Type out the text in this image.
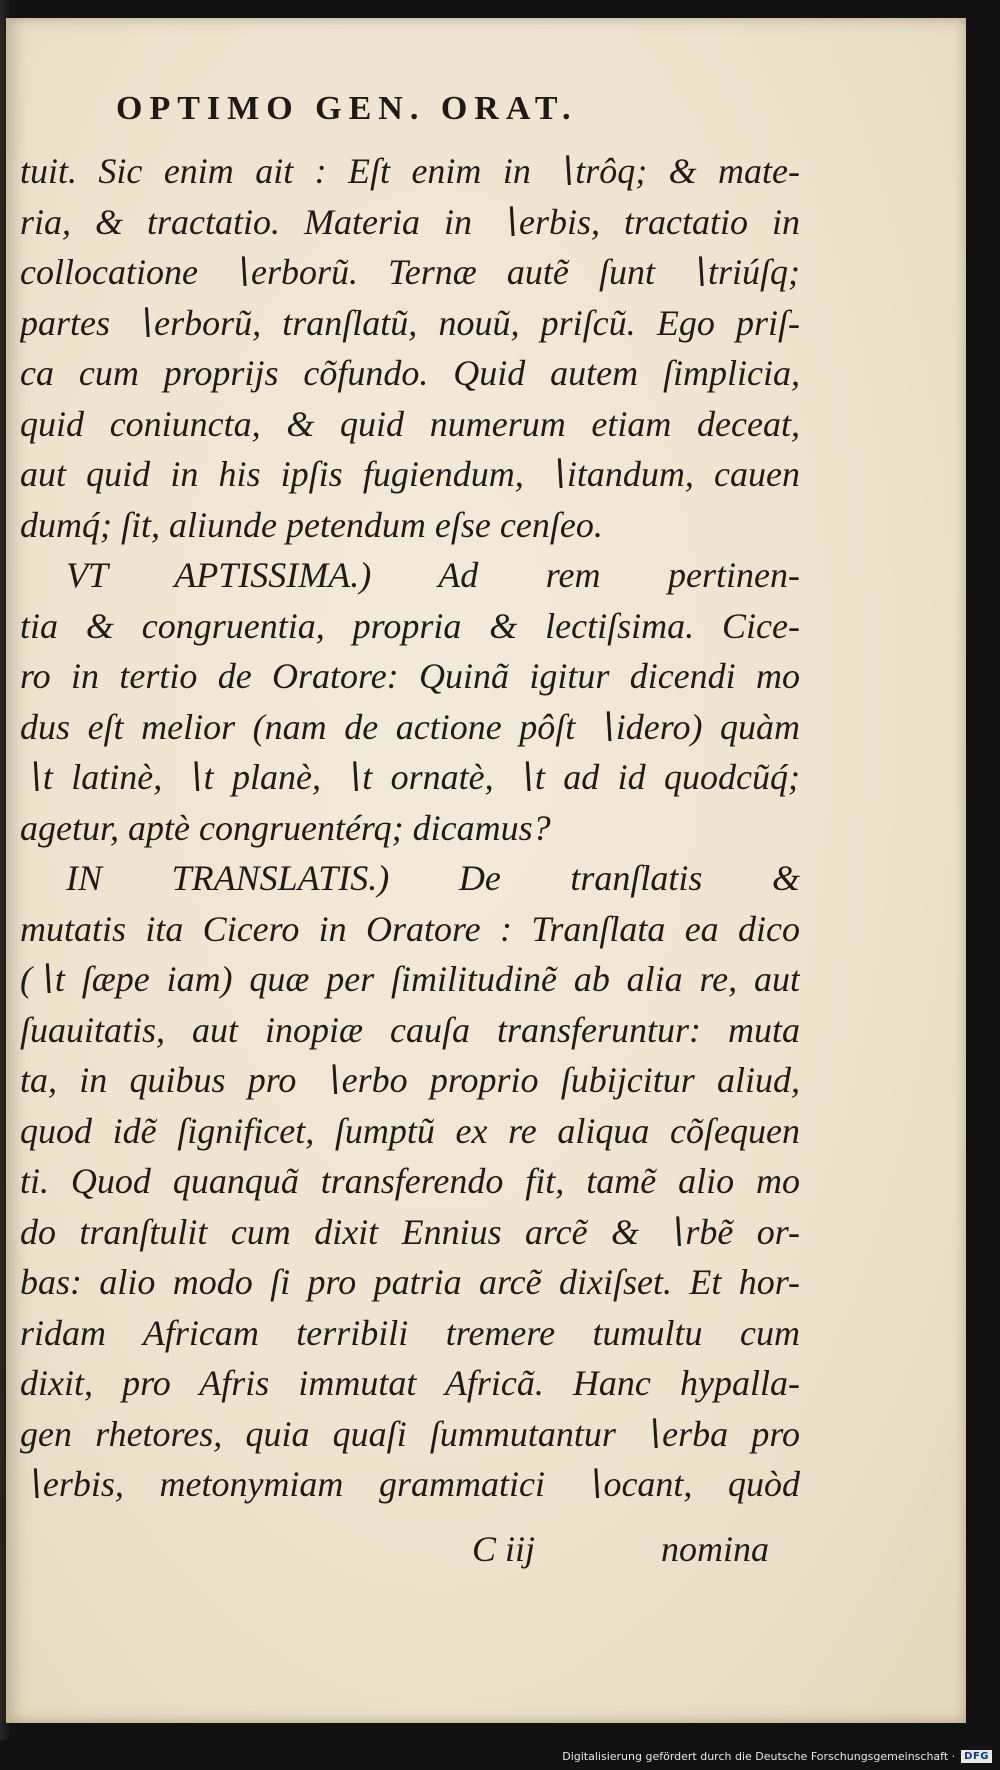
OPTIMO GEN. ORAT.
tuit. Sic enim ait : Eſt enim in ∖trôq; & mate-
ria, & tractatio. Materia in ∖erbis, tractatio in
collocatione ∖erborũ. Ternæ autẽ ſunt ∖triúſq;
partes ∖erborũ, tranſlatũ, nouũ, priſcũ. Ego priſ-
ca cum proprijs cõfundo. Quid autem ſimplicia,
quid coniuncta, & quid numerum etiam deceat,
aut quid in his ipſis fugiendum, ∖itandum, cauen
dumq́; ſit, aliunde petendum eſse cenſeo.
VT APTISSIMA.) Ad rem pertinen-
tia & congruentia, propria & lectiſsima. Cice-
ro in tertio de Oratore: Quinã igitur dicendi mo
dus eſt melior (nam de actione pôſt ∖idero) quàm
∖t latinè, ∖t planè, ∖t ornatè, ∖t ad id quodcũq́;
agetur, aptè congruentérq; dicamus?
IN TRANSLATIS.) De tranſlatis &
mutatis ita Cicero in Oratore : Tranſlata ea dico
(∖t ſæpe iam) quæ per ſimilitudinẽ ab alia re, aut
ſuauitatis, aut inopiæ cauſa transferuntur: muta
ta, in quibus pro ∖erbo proprio ſubijcitur aliud,
quod idẽ ſignificet, ſumptũ ex re aliqua cõſequen
ti. Quod quanquã transferendo fit, tamẽ alio mo
do tranſtulit cum dixit Ennius arcẽ & ∖rbẽ or-
bas: alio modo ſi pro patria arcẽ dixiſset. Et hor-
ridam Africam terribili tremere tumultu cum
dixit, pro Afris immutat Africã. Hanc hypalla-
gen rhetores, quia quaſi ſummutantur ∖erba pro
∖erbis, metonymiam grammatici ∖ocant, quòd
C iij	nomina
Digitalisierung gefördert durch die Deutsche Forschungsgemeinschaft · DFG
